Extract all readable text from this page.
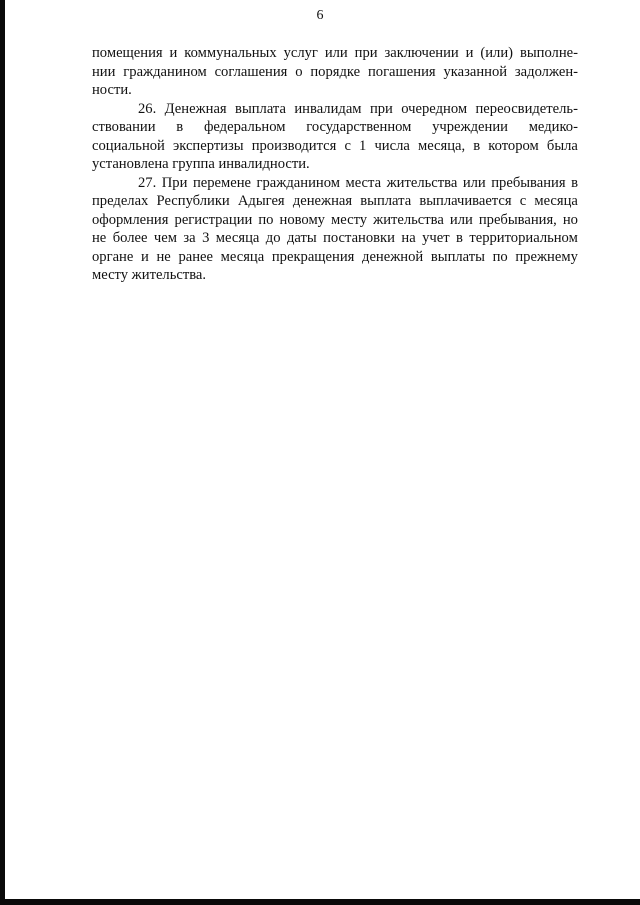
6
помещения и коммунальных услуг или при заключении и (или) выполне-
нии гражданином соглашения о порядке погашения указанной задолжен-
ности.
26. Денежная выплата инвалидам при очередном переосвидетель-
ствовании в федеральном государственном учреждении медико-
социальной экспертизы производится с 1 числа месяца, в котором была
установлена группа инвалидности.
27. При перемене гражданином места жительства или пребывания в
пределах Республики Адыгея денежная выплата выплачивается с месяца
оформления регистрации по новому месту жительства или пребывания, но
не более чем за 3 месяца до даты постановки на учет в территориальном
органе и не ранее месяца прекращения денежной выплаты по прежнему
месту жительства.
